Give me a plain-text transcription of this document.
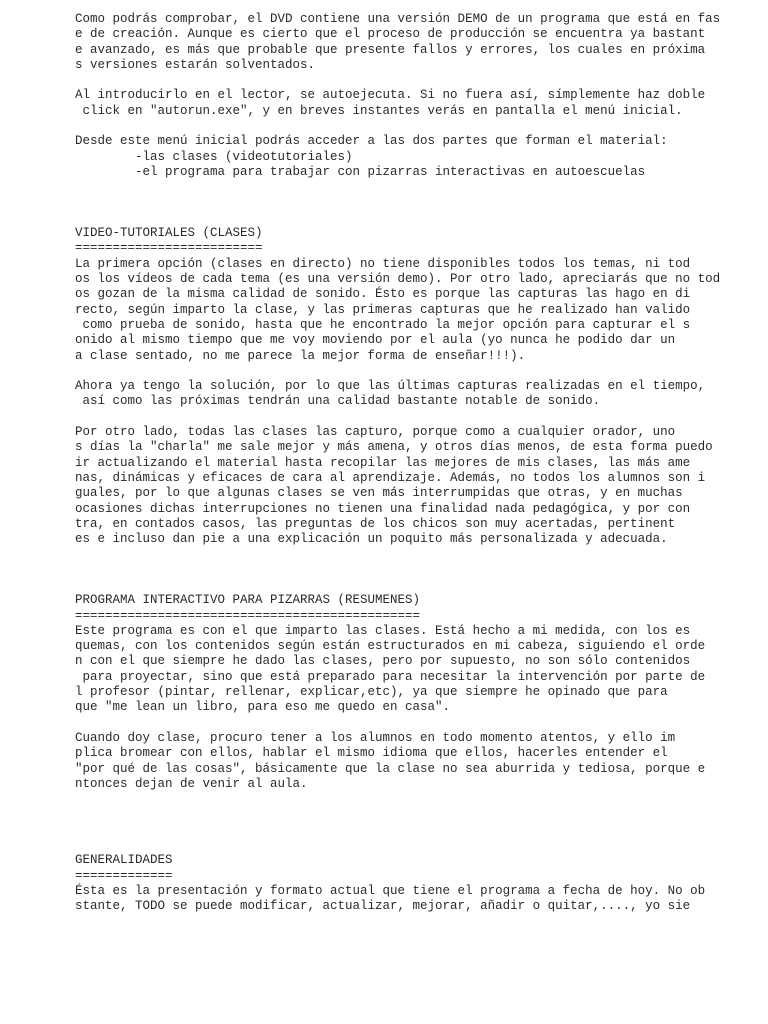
Como podrás comprobar, el DVD contiene una versión DEMO de un programa que está en fas
e de creación. Aunque es cierto que el proceso de producción se encuentra ya bastant
e avanzado, es más que probable que presente fallos y errores, los cuales en próxima
s versiones estarán solventados.
Al introducirlo en el lector, se autoejecuta. Si no fuera así, símplemente haz doble
click en "autorun.exe", y en breves instantes verás en pantalla el menú inicial.
Desde este menú inicial podrás acceder a las dos partes que forman el material:
-las clases (videotutoriales)
-el programa para trabajar con pizarras interactivas en autoescuelas
VIDEO-TUTORIALES (CLASES)
=========================
La primera opción (clases en directo) no tiene disponibles todos los temas, ni tod
os los vídeos de cada tema (es una versión demo). Por otro lado, apreciarás que no tod
os gozan de la misma calidad de sonido. Ésto es porque las capturas las hago en di
recto, según imparto la clase, y las primeras capturas que he realizado han valido
como prueba de sonido, hasta que he encontrado la mejor opción para capturar el s
onido al mismo tiempo que me voy moviendo por el aula (yo nunca he podido dar un
a clase sentado, no me parece la mejor forma de enseñar!!!).
Ahora ya tengo la solución, por lo que las últimas capturas realizadas en el tiempo,
así como las próximas tendrán una calidad bastante notable de sonido.
Por otro lado, todas las clases las capturo, porque como a cualquier orador, uno
s días la "charla" me sale mejor y más amena, y otros días menos, de esta forma puedo
ir actualizando el material hasta recopilar las mejores de mis clases, las más ame
nas, dinámicas y eficaces de cara al aprendizaje. Además, no todos los alumnos son i
guales, por lo que algunas clases se ven más interrumpidas que otras, y en muchas
ocasiones dichas interrupciones no tienen una finalidad nada pedagógica, y por con
tra, en contados casos, las preguntas de los chicos son muy acertadas, pertinent
es e incluso dan pie a una explicación un poquito más personalizada y adecuada.
PROGRAMA INTERACTIVO PARA PIZARRAS (RESUMENES)
==============================================
Este programa es con el que imparto las clases. Está hecho a mi medida, con los es
quemas, con los contenidos según están estructurados en mi cabeza, siguiendo el orde
n con el que siempre he dado las clases, pero por supuesto, no son sólo contenidos
para proyectar, sino que está preparado para necesitar la intervención por parte de
l profesor (pintar, rellenar, explicar,etc), ya que siempre he opinado que para
que "me lean un libro, para eso me quedo en casa".
Cuando doy clase, procuro tener a los alumnos en todo momento atentos, y ello im
plica bromear con ellos, hablar el mismo idioma que ellos, hacerles entender el
"por qué de las cosas", básicamente que la clase no sea aburrida y tediosa, porque e
ntonces dejan de venir al aula.
GENERALIDADES
=============
Ésta es la presentación y formato actual que tiene el programa a fecha de hoy. No ob
stante, TODO se puede modificar, actualizar, mejorar, añadir o quitar,...., yo sie
